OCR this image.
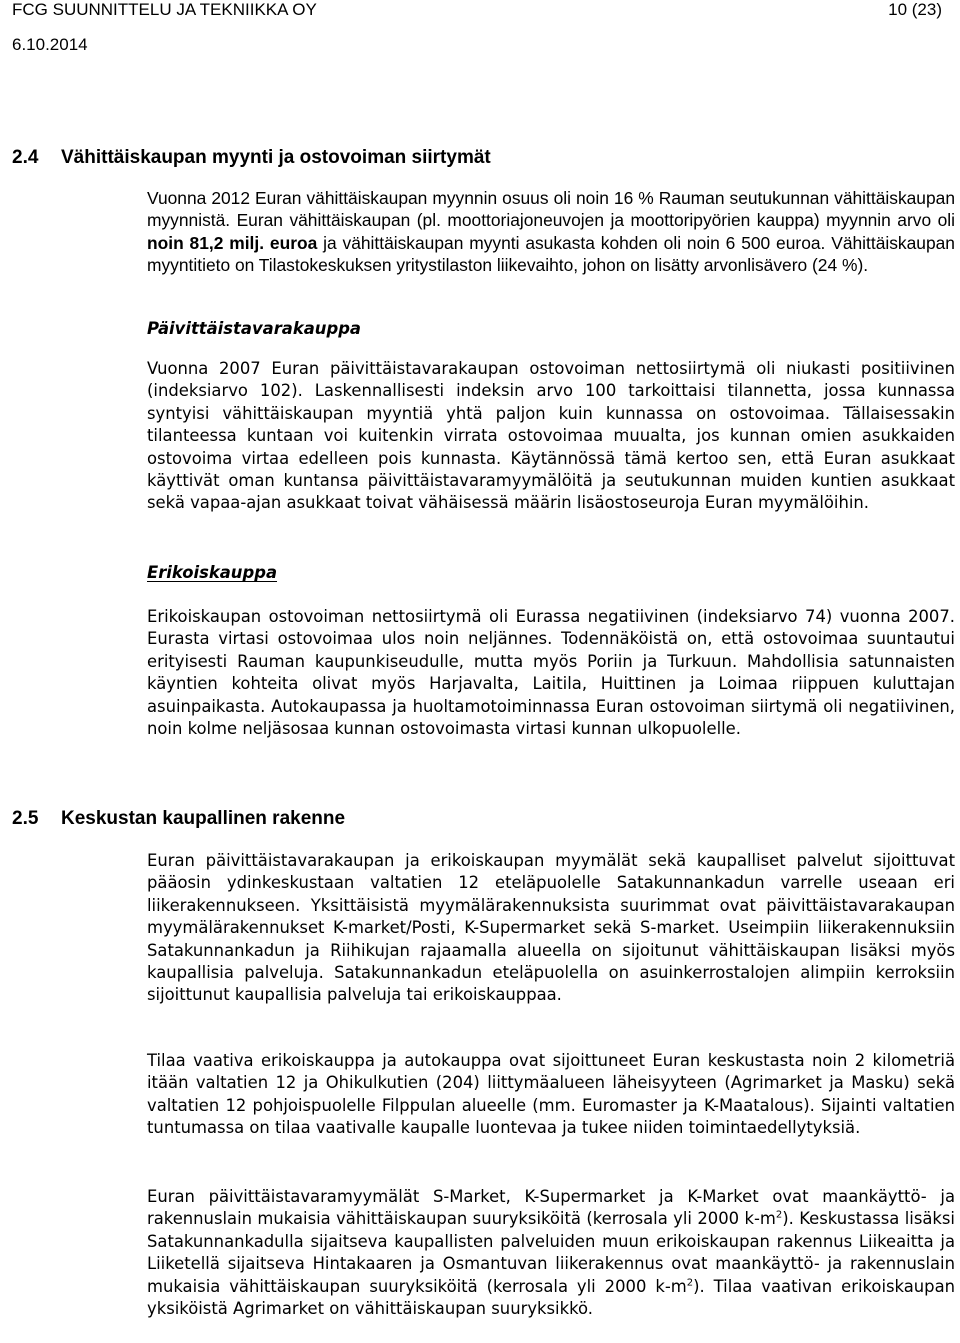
FCG SUUNNITTELU JA TEKNIIKKA OY	10 (23)
6.10.2014
2.4 Vähittäiskaupan myynti ja ostovoiman siirtymät

Vuonna 2012 Euran vähittäiskaupan myynnin osuus oli noin 16 % Rauman seutukunnan vähittäiskaupan myynnistä. Euran vähittäiskaupan (pl. moottoriajoneuvojen ja moottoripyörien kauppa) myynnin arvo oli noin 81,2 milj. euroa ja vähittäiskaupan myynti asukasta kohden oli noin 6 500 euroa. Vähittäiskaupan myyntitieto on Tilastokeskuksen yritystilaston liikevaihto, johon on lisätty arvonlisävero (24 %).

Päivittäistavarakauppa

Vuonna 2007 Euran päivittäistavarakaupan ostovoiman nettosiirtymä oli niukasti positiivinen (indeksiarvo 102). Laskennallisesti indeksin arvo 100 tarkoittaisi tilannetta, jossa kunnassa syntyisi vähittäiskaupan myyntiä yhtä paljon kuin kunnassa on ostovoimaa. Tällaisessakin tilanteessa kuntaan voi kuitenkin virrata ostovoimaa muualta, jos kunnan omien asukkaiden ostovoima virtaa edelleen pois kunnasta. Käytännössä tämä kertoo sen, että Euran asukkaat käyttivät oman kuntansa päivittäistavaramyymälöitä ja seutukunnan muiden kuntien asukkaat sekä vapaa-ajan asukkaat toivat vähäisessä määrin lisäostoseuroja Euran myymälöihin.

Erikoiskauppa

Erikoiskaupan ostovoiman nettosiirtymä oli Eurassa negatiivinen (indeksiarvo 74) vuonna 2007. Eurasta virtasi ostovoimaa ulos noin neljännes. Todennäköistä on, että ostovoimaa suuntautui erityisesti Rauman kaupunkiseudulle, mutta myös Poriin ja Turkuun. Mahdollisia satunnaisten käyntien kohteita olivat myös Harjavalta, Laitila, Huittinen ja Loimaa riippuen kuluttajan asuinpaikasta. Autokaupassa ja huoltamotoiminnassa Euran ostovoiman siirtymä oli negatiivinen, noin kolme neljäsosaa kunnan ostovoimasta virtasi kunnan ulkopuolelle.

2.5 Keskustan kaupallinen rakenne

Euran päivittäistavarakaupan ja erikoiskaupan myymälät sekä kaupalliset palvelut sijoittuvat pääosin ydinkeskustaan valtatien 12 eteläpuolelle Satakunnankadun varrelle useaan eri liikerakennukseen. Yksittäisistä myymälärakennuksista suurimmat ovat päivittäistavarakaupan myymälärakennukset K-market/Posti, K-Supermarket sekä S-market. Useimpiin liikerakennuksiin Satakunnankadun ja Riihikujan rajaamalla alueella on sijoitunut vähittäiskaupan lisäksi myös kaupallisia palveluja. Satakunnankadun eteläpuolella on asuinkerrostalojen alimpiin kerroksiin sijoittunut kaupallisia palveluja tai erikoiskauppaa.

Tilaa vaativa erikoiskauppa ja autokauppa ovat sijoittuneet Euran keskustasta noin 2 kilometriä itään valtatien 12 ja Ohikulkutien (204) liittymäalueen läheisyyteen (Agrimarket ja Masku) sekä valtatien 12 pohjoispuolelle Filppulan alueelle (mm. Euromaster ja K-Maatalous). Sijainti valtatien tuntumassa on tilaa vaativalle kaupalle luontevaa ja tukee niiden toimintaedellytyksiä.

Euran päivittäistavaramyymälät S-Market, K-Supermarket ja K-Market ovat maankäyttö- ja rakennuslain mukaisia vähittäiskaupan suuryksiköitä (kerrosala yli 2000 $k-m^2$). Keskustassa lisäksi Satakunnankadulla sijaitseva kaupallisten palveluiden muun erikoiskaupan rakennus Liikeaitta ja Liiketellä sijaitseva Hintakaaren ja Osmantuvan liikerakennus ovat maankäyttö- ja rakennuslain mukaisia vähittäiskaupan suuryksiköitä (kerrosala yli 2000 $k-m^2$). Tilaa vaativan erikoiskaupan yksiköistä Agrimarket on vähittäiskaupan suuryksikkö.
